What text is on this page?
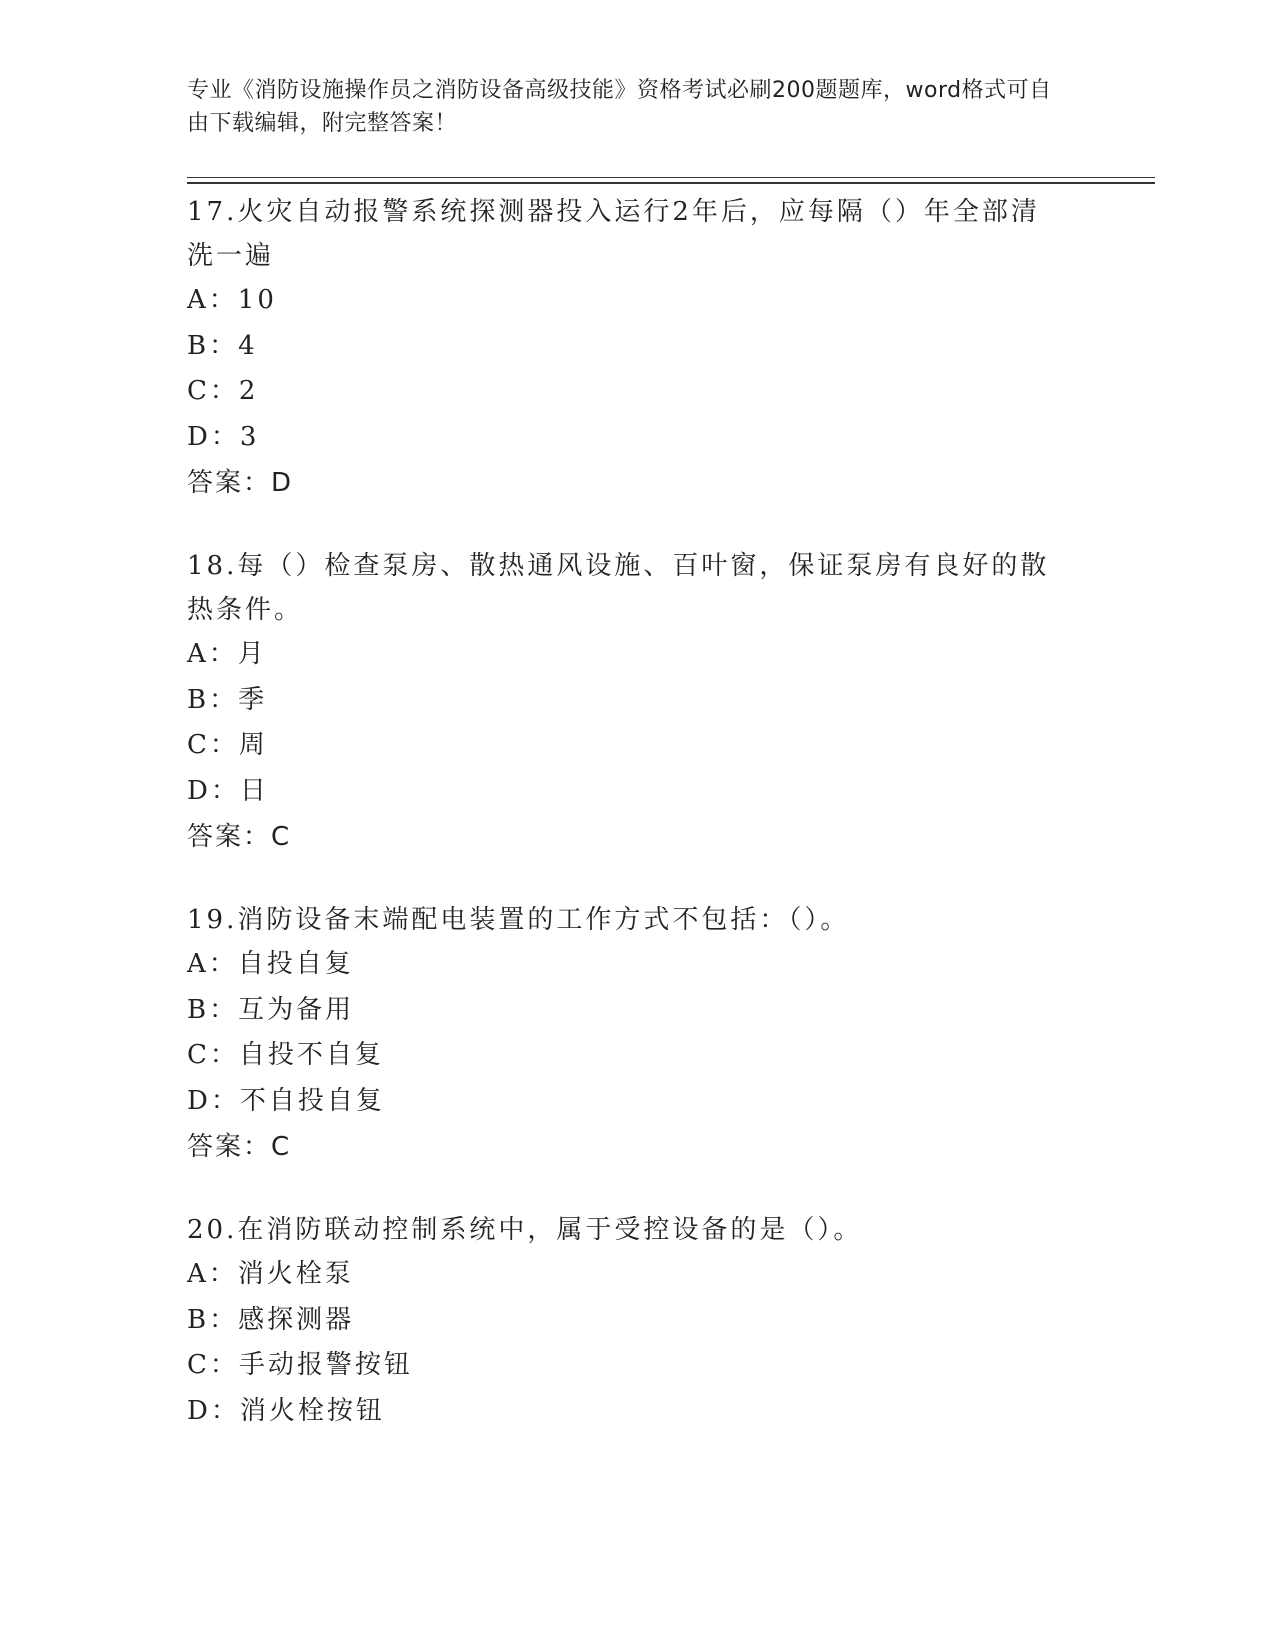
专业《消防设施操作员之消防设备高级技能》资格考试必刷200题题库，word格式可自由下载编辑，附完整答案！
17.火灾自动报警系统探测器投入运行2年后，应每隔（）年全部清洗一遍
A：10
B：4
C：2
D：3
答案：D
18.每（）检查泵房、散热通风设施、百叶窗，保证泵房有良好的散热条件。
A：月
B：季
C：周
D：日
答案：C
19.消防设备末端配电装置的工作方式不包括：（）。
A：自投自复
B：互为备用
C：自投不自复
D：不自投自复
答案：C
20.在消防联动控制系统中，属于受控设备的是（）。
A：消火栓泵
B：感探测器
C：手动报警按钮
D：消火栓按钮
